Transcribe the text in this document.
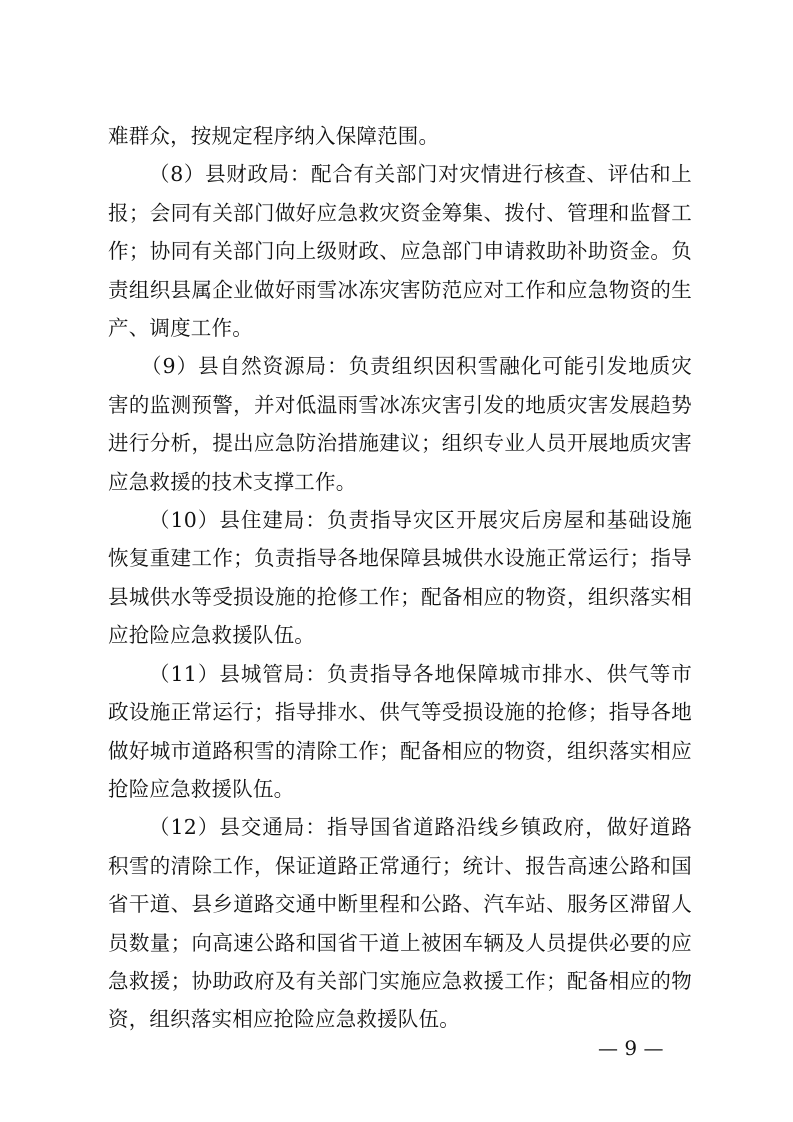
难群众，按规定程序纳入保障范围。

（8）县财政局：配合有关部门对灾情进行核查、评估和上报；会同有关部门做好应急救灾资金筹集、拨付、管理和监督工作；协同有关部门向上级财政、应急部门申请救助补助资金。负责组织县属企业做好雨雪冰冻灾害防范应对工作和应急物资的生产、调度工作。

（9）县自然资源局：负责组织因积雪融化可能引发地质灾害的监测预警，并对低温雨雪冰冻灾害引发的地质灾害发展趋势进行分析，提出应急防治措施建议；组织专业人员开展地质灾害应急救援的技术支撑工作。

（10）县住建局：负责指导灾区开展灾后房屋和基础设施恢复重建工作；负责指导各地保障县城供水设施正常运行；指导县城供水等受损设施的抢修工作；配备相应的物资，组织落实相应抢险应急救援队伍。

（11）县城管局：负责指导各地保障城市排水、供气等市政设施正常运行；指导排水、供气等受损设施的抢修；指导各地做好城市道路积雪的清除工作；配备相应的物资，组织落实相应抢险应急救援队伍。

（12）县交通局：指导国省道路沿线乡镇政府，做好道路积雪的清除工作，保证道路正常通行；统计、报告高速公路和国省干道、县乡道路交通中断里程和公路、汽车站、服务区滞留人员数量；向高速公路和国省干道上被困车辆及人员提供必要的应急救援；协助政府及有关部门实施应急救援工作；配备相应的物资，组织落实相应抢险应急救援队伍。

— 9 —
